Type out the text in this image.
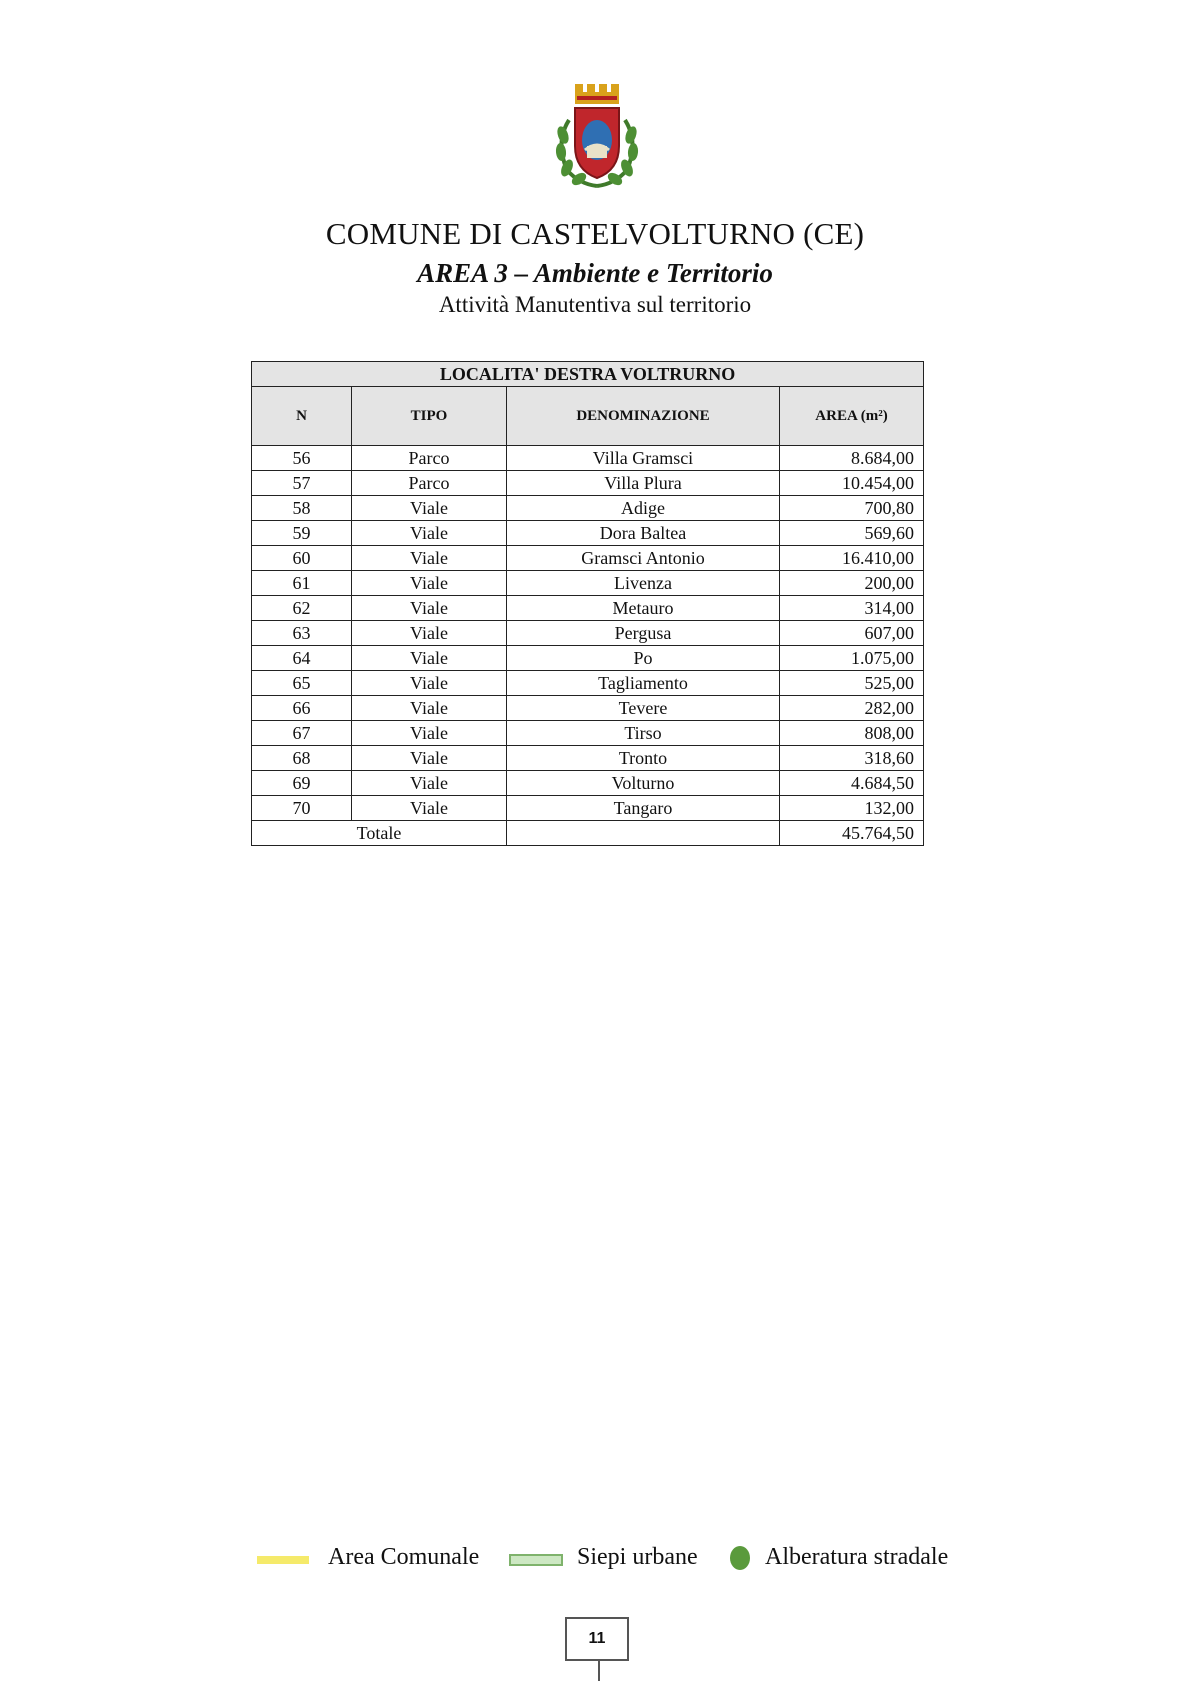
COMUNE DI CASTELVOLTURNO (CE)
AREA 3 – Ambiente e Territorio
Attività Manutentiva sul territorio
LOCALITA' DESTRA VOLTRURNO			
N	TIPO	DENOMINAZIONE	AREA (m²)
56	Parco	Villa Gramsci	8.684,00
57	Parco	Villa Plura	10.454,00
58	Viale	Adige	700,80
59	Viale	Dora Baltea	569,60
60	Viale	Gramsci Antonio	16.410,00
61	Viale	Livenza	200,00
62	Viale	Metauro	314,00
63	Viale	Pergusa	607,00
64	Viale	Po	1.075,00
65	Viale	Tagliamento	525,00
66	Viale	Tevere	282,00
67	Viale	Tirso	808,00
68	Viale	Tronto	318,60
69	Viale	Volturno	4.684,50
70	Viale	Tangaro	132,00
Totale			45.764,50
Area Comunale	Siepi urbane	Alberatura stradale
11
